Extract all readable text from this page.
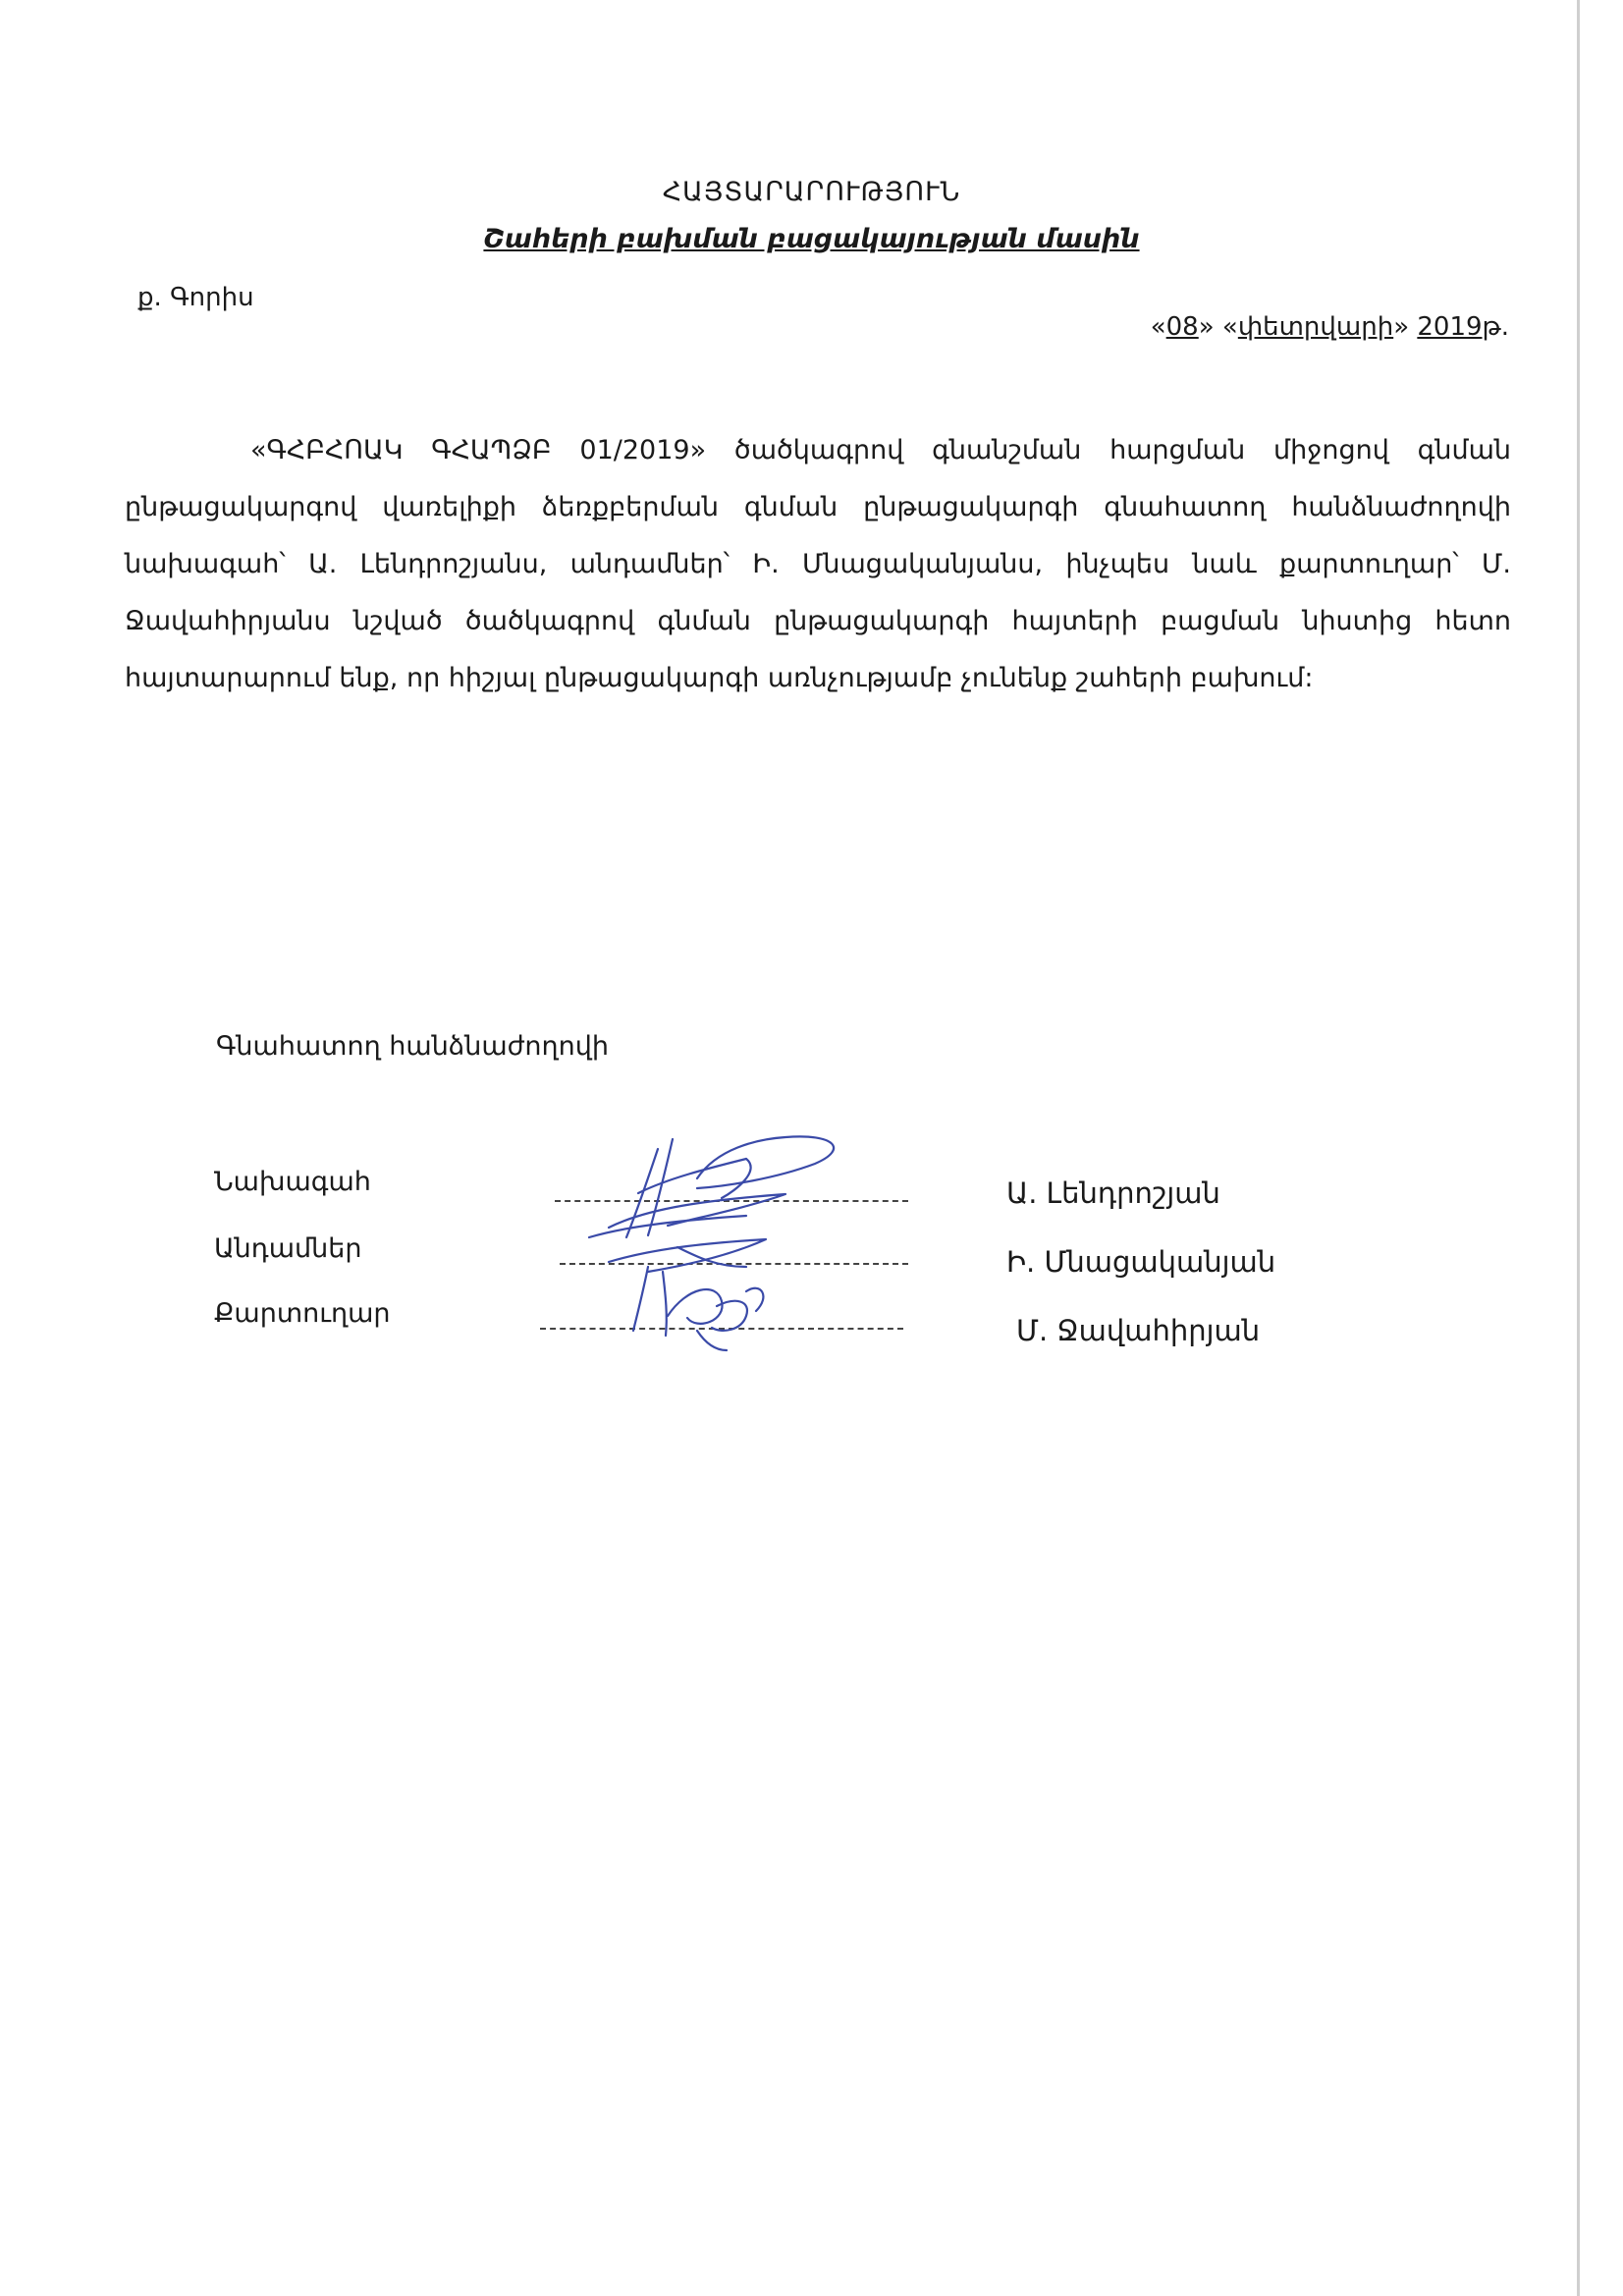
ՀԱՅՏԱՐԱՐՈՒԹՅՈՒՆ
Շահերի բախման բացակայության մասին
ք. Գորիս
«08» «փետրվարի» 2019թ.
«ԳՀԲՀՈԱԿ ԳՀԱՊՁԲ 01/2019» ծածկագրով գնանշման հարցման միջոցով գնման ընթացակարգով վառելիքի ձեռքբերման գնման ընթացակարգի գնահատող հանձնաժողովի նախագահ՝ Ա. Լենդրոշյանս, անդամներ՝ Ի. Մնացականյանս, ինչպես նաև քարտուղար՝ Մ. Ջավահիրյանս նշված ծածկագրով գնման ընթացակարգի հայտերի բացման նիստից հետո հայտարարում ենք, որ հիշյալ ընթացակարգի առնչությամբ չունենք շահերի բախում:
Գնահատող հանձնաժողովի
Նախագահ	Ա. Լենդրոշյան
Անդամներ	Ի. Մնացականյան
Քարտուղար
Մ. Ջավահիրյան
